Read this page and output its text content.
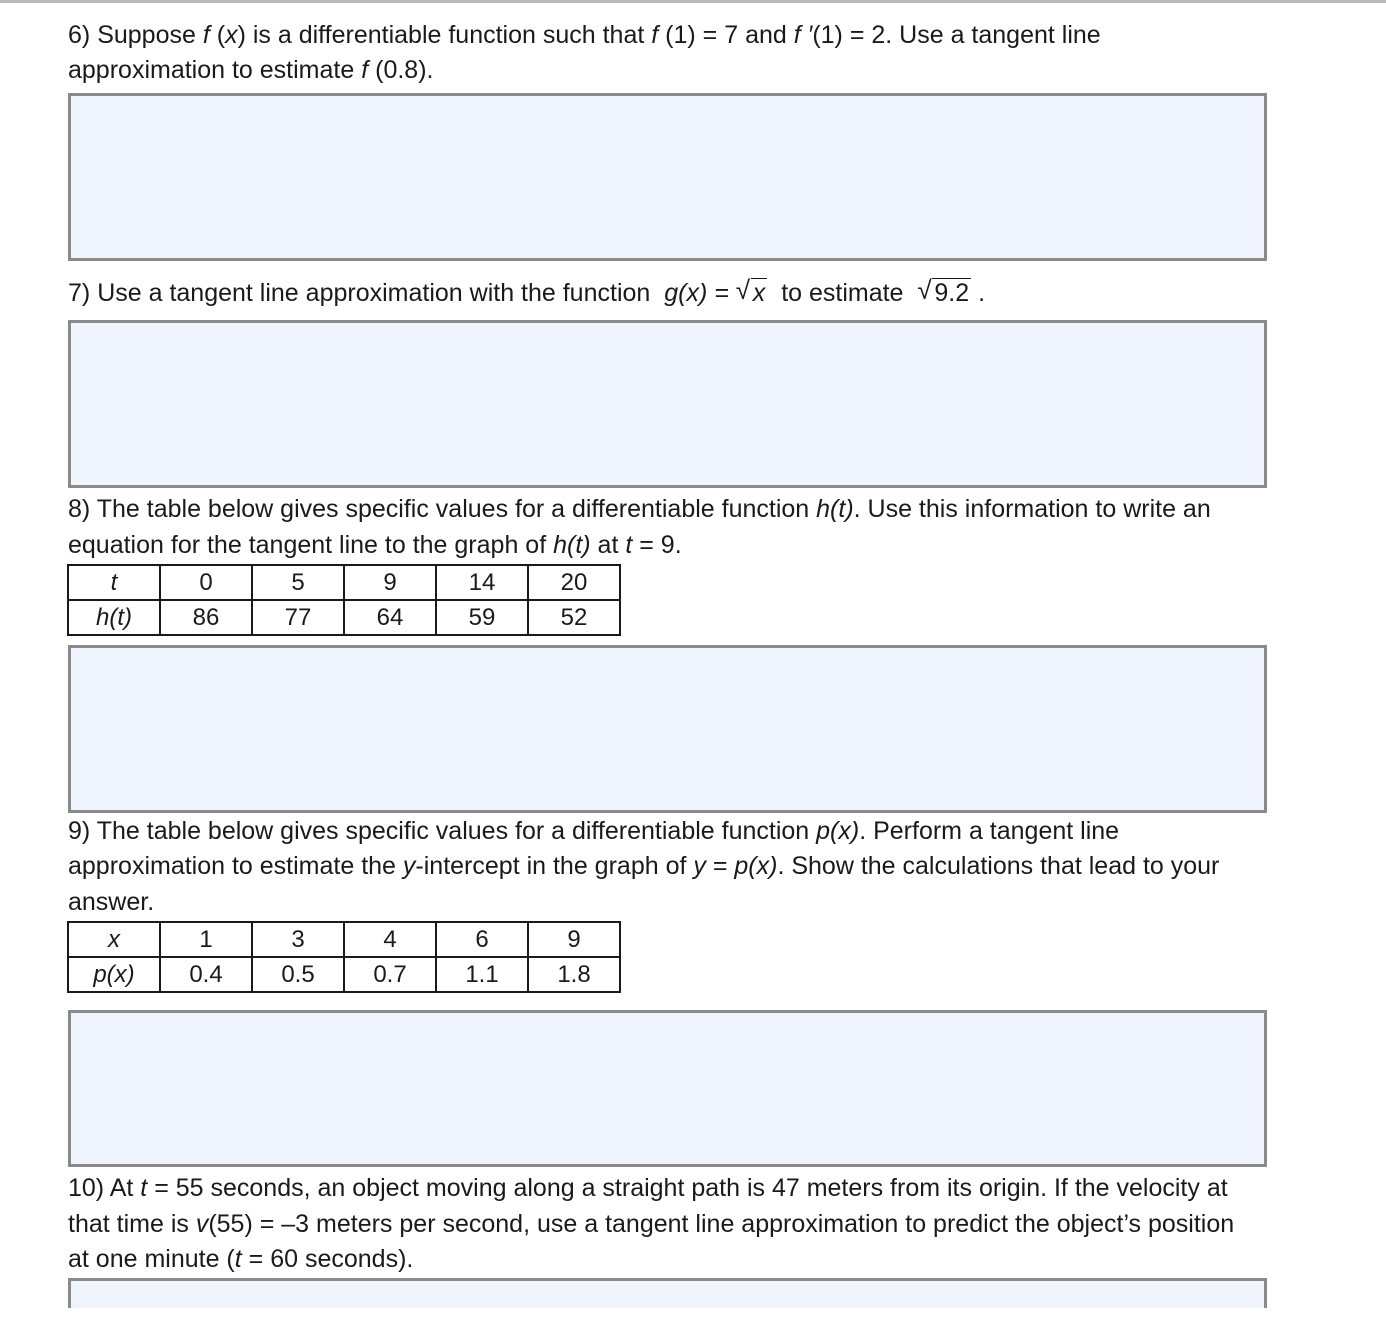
6) Suppose f (x) is a differentiable function such that f (1) = 7 and f ′(1) = 2. Use a tangent line

approximation to estimate f (0.8).

7) Use a tangent line approximation with the function g(x) = √ x to estimate √ 9.2 .

8) The table below gives specific values for a differentiable function h(t). Use this information to write an

equation for the tangent line to the graph of h(t) at t = 9.

t	0	5	9	14	20
h(t)	86	77	64	59	52

9) The table below gives specific values for a differentiable function p(x). Perform a tangent line

approximation to estimate the y-intercept in the graph of y = p(x). Show the calculations that lead to your

answer.

x	1	3	4	6	9
p(x)	0.4	0.5	0.7	1.1	1.8

10) At t = 55 seconds, an object moving along a straight path is 47 meters from its origin. If the velocity at

that time is v(55) = –3 meters per second, use a tangent line approximation to predict the object’s position

at one minute (t = 60 seconds).
